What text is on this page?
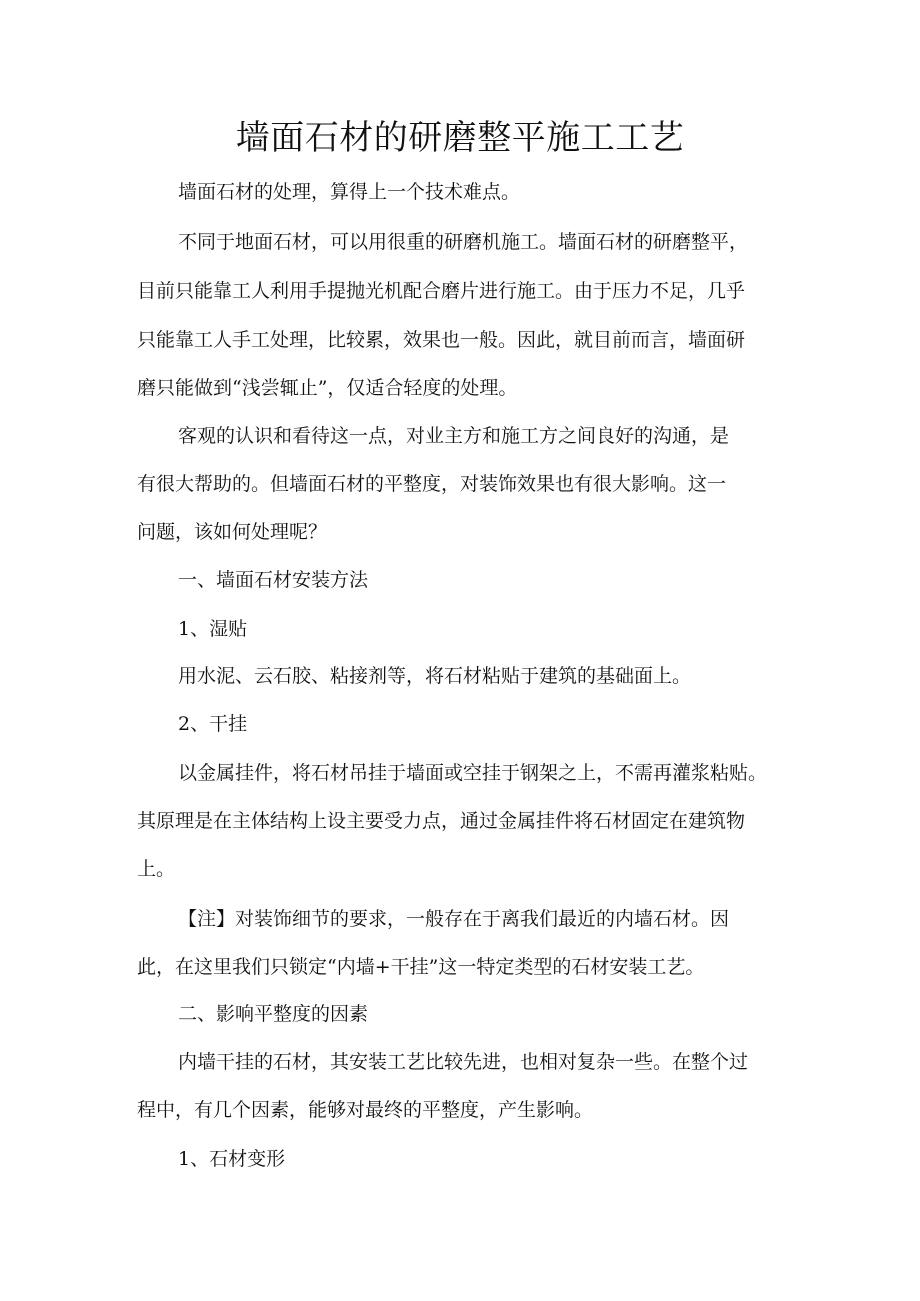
墙面石材的研磨整平施工工艺
墙面石材的处理，算得上一个技术难点。
不同于地面石材，可以用很重的研磨机施工。墙面石材的研磨整平，
目前只能靠工人利用手提抛光机配合磨片进行施工。由于压力不足，几乎
只能靠工人手工处理，比较累，效果也一般。因此，就目前而言，墙面研
磨只能做到“浅尝辄止”，仅适合轻度的处理。
客观的认识和看待这一点，对业主方和施工方之间良好的沟通，是
有很大帮助的。但墙面石材的平整度，对装饰效果也有很大影响。这一
问题，该如何处理呢？
一、墙面石材安装方法
1、湿贴
用水泥、云石胶、粘接剂等，将石材粘贴于建筑的基础面上。
2、干挂
以金属挂件，将石材吊挂于墙面或空挂于钢架之上，不需再灌浆粘贴。
其原理是在主体结构上设主要受力点，通过金属挂件将石材固定在建筑物
上。
【注】对装饰细节的要求，一般存在于离我们最近的内墙石材。因
此，在这里我们只锁定“内墙+干挂”这一特定类型的石材安装工艺。
二、影响平整度的因素
内墙干挂的石材，其安装工艺比较先进，也相对复杂一些。在整个过
程中，有几个因素，能够对最终的平整度，产生影响。
1、石材变形
